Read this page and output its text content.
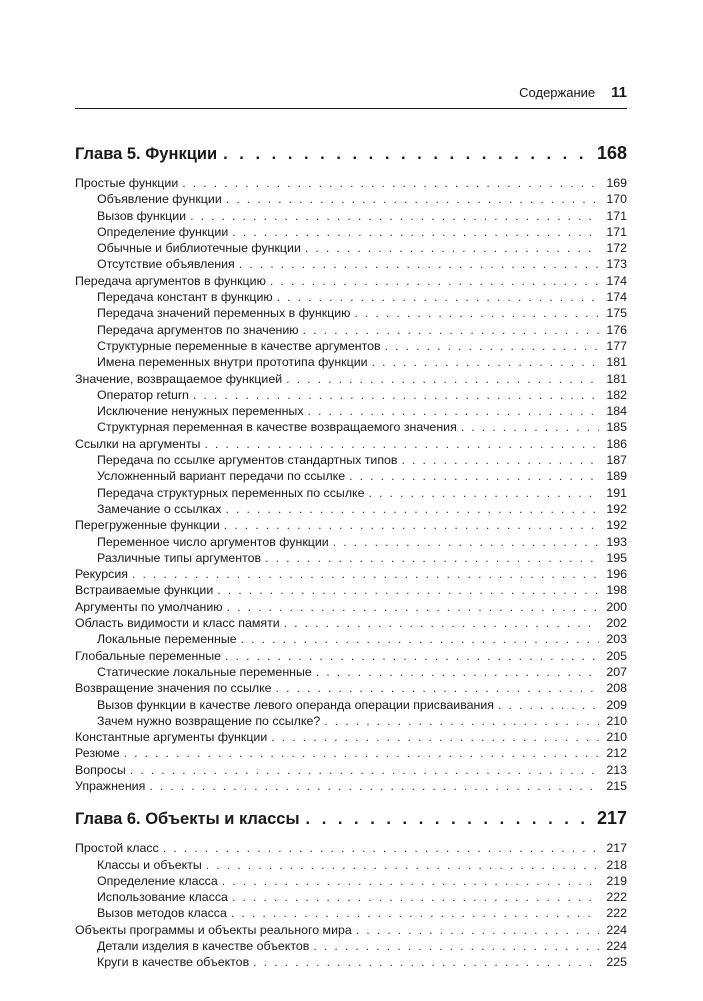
Содержание 11
Глава 5. Функции . . .	168
Простые функции . . .	169
Объявление функции . . .	170
Вызов функции . . .	171
Определение функции . . .	171
Обычные и библиотечные функции . . .	172
Отсутствие объявления . . .	173
Передача аргументов в функцию . . .	174
Передача констант в функцию . . .	174
Передача значений переменных в функцию . . .	175
Передача аргументов по значению . . .	176
Структурные переменные в качестве аргументов . . .	177
Имена переменных внутри прототипа функции . . .	181
Значение, возвращаемое функцией . . .	181
Оператор return . . .	182
Исключение ненужных переменных . . .	184
Структурная переменная в качестве возвращаемого значения . . .	185
Ссылки на аргументы . . .	186
Передача по ссылке аргументов стандартных типов . . .	187
Усложненный вариант передачи по ссылке . . .	189
Передача структурных переменных по ссылке . . .	191
Замечание о ссылках . . .	192
Перегруженные функции . . .	192
Переменное число аргументов функции . . .	193
Различные типы аргументов . . .	195
Рекурсия . . .	196
Встраиваемые функции . . .	198
Аргументы по умолчанию . . .	200
Область видимости и класс памяти . . .	202
Локальные переменные . . .	203
Глобальные переменные . . .	205
Статические локальные переменные . . .	207
Возвращение значения по ссылке . . .	208
Вызов функции в качестве левого операнда операции присваивания . . .	209
Зачем нужно возвращение по ссылке? . . .	210
Константные аргументы функции . . .	210
Резюме . . .	212
Вопросы . . .	213
Упражнения . . .	215
Глава 6. Объекты и классы . . .	217
Простой класс . . .	217
Классы и объекты . . .	218
Определение класса . . .	219
Использование класса . . .	222
Вызов методов класса . . .	222
Объекты программы и объекты реального мира . . .	224
Детали изделия в качестве объектов . . .	224
Круги в качестве объектов . . .	225
